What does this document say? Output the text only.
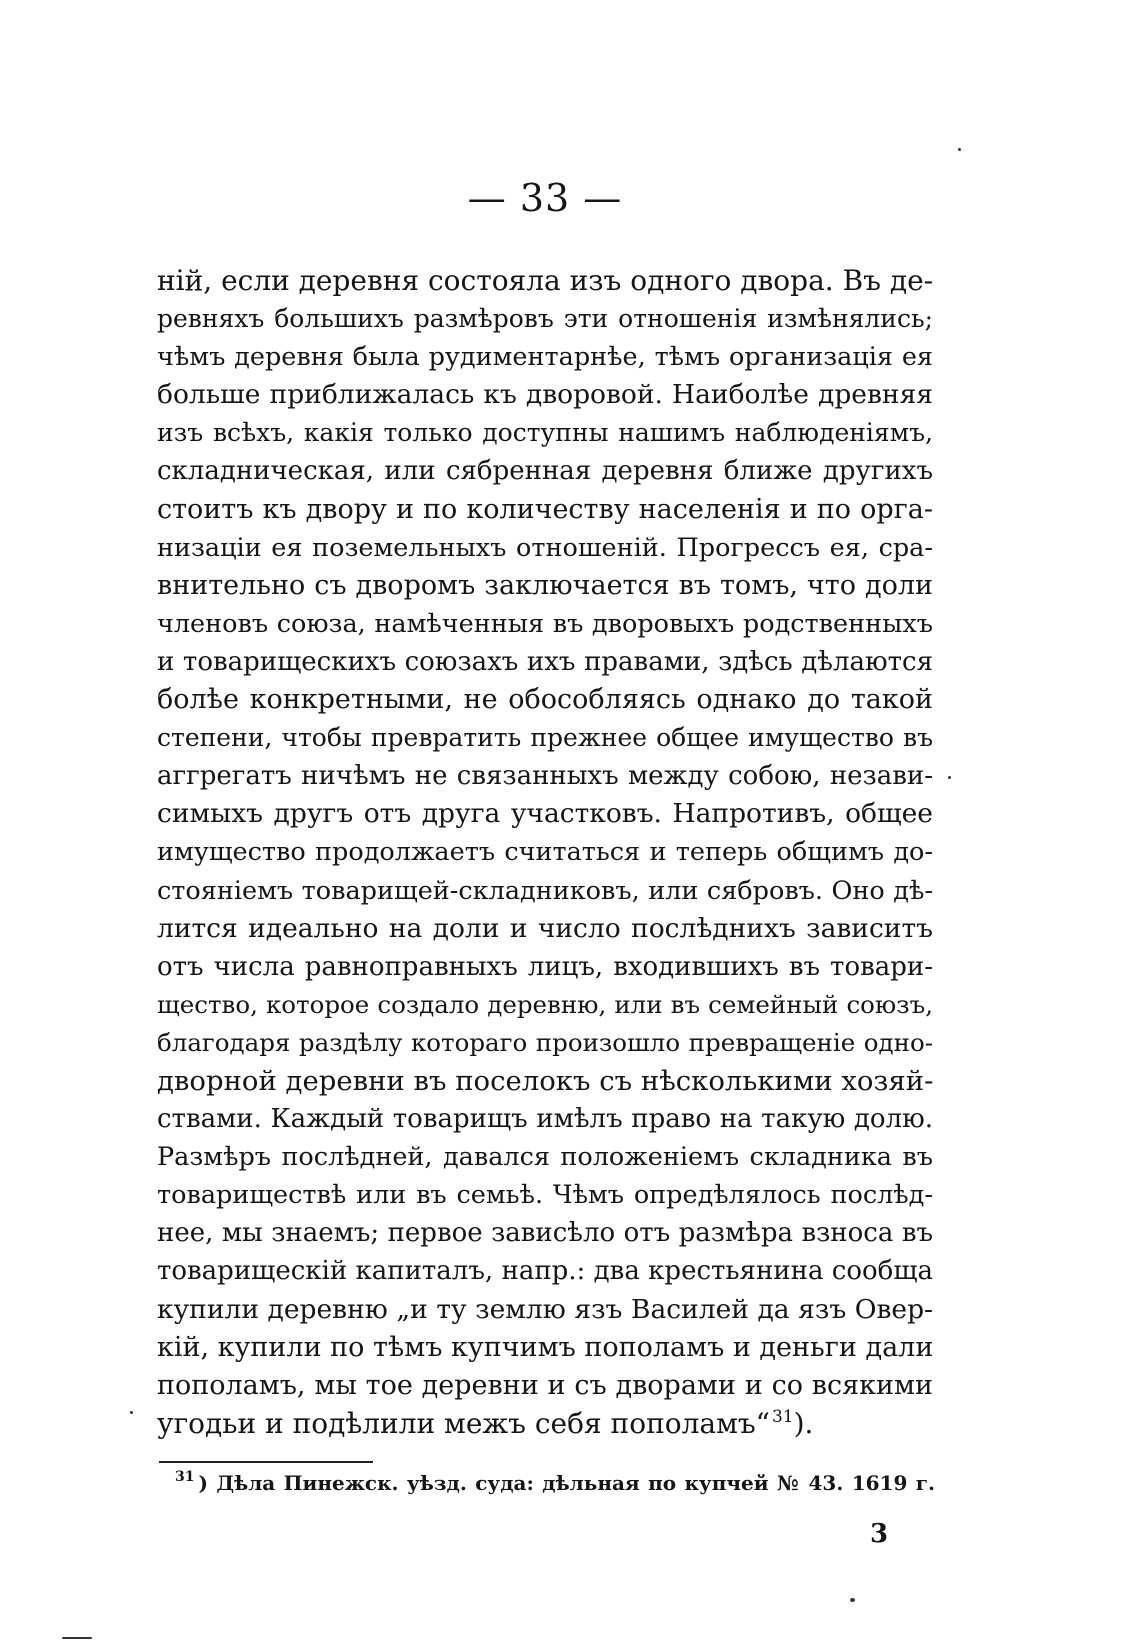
— 33 —
ній, если деревня состояла изъ одного двора. Въ де-
ревняхъ большихъ размѣровъ эти отношенія измѣнялись;
чѣмъ деревня была рудиментарнѣе, тѣмъ организація ея
больше приближалась къ дворовой. Наиболѣе древняя
изъ всѣхъ, какія только доступны нашимъ наблюденіямъ,
складническая, или сябренная деревня ближе другихъ
стоитъ къ двору и по количеству населенія и по орга-
низаціи ея поземельныхъ отношеній. Прогрессъ ея, сра-
внительно съ дворомъ заключается въ томъ, что доли
членовъ союза, намѣченныя въ дворовыхъ родственныхъ
и товарищескихъ союзахъ ихъ правами, здѣсь дѣлаются
болѣе конкретными, не обособляясь однако до такой
степени, чтобы превратить прежнее общее имущество въ
аггрегатъ ничѣмъ не связанныхъ между собою, незави-
симыхъ другъ отъ друга участковъ. Напротивъ, общее
имущество продолжаетъ считаться и теперь общимъ до-
стояніемъ товарищей-складниковъ, или сябровъ. Оно дѣ-
лится идеально на доли и число послѣднихъ зависитъ
отъ числа равноправныхъ лицъ, входившихъ въ товари-
щество, которое создало деревню, или въ семейный союзъ,
благодаря раздѣлу котораго произошло превращеніе одно-
дворной деревни въ поселокъ съ нѣсколькими хозяй-
ствами. Каждый товарищъ имѣлъ право на такую долю.
Размѣръ послѣдней, давался положеніемъ складника въ
товариществѣ или въ семьѣ. Чѣмъ опредѣлялось послѣд-
нее, мы знаемъ; первое зависѣло отъ размѣра взноса въ
товарищескій капиталъ, напр.: два крестьянина сообща
купили деревню „и ту землю язъ Василей да язъ Овер-
кій, купили по тѣмъ купчимъ пополамъ и деньги дали
пополамъ, мы тое деревни и съ дворами и со всякими
угодьи и подѣлили межъ себя пополамъ“ $^{31}$).
$^{31}$ ) Дѣла Пинежск. уѣзд. суда: дѣльная по купчей № 43. 1619 г.
3
